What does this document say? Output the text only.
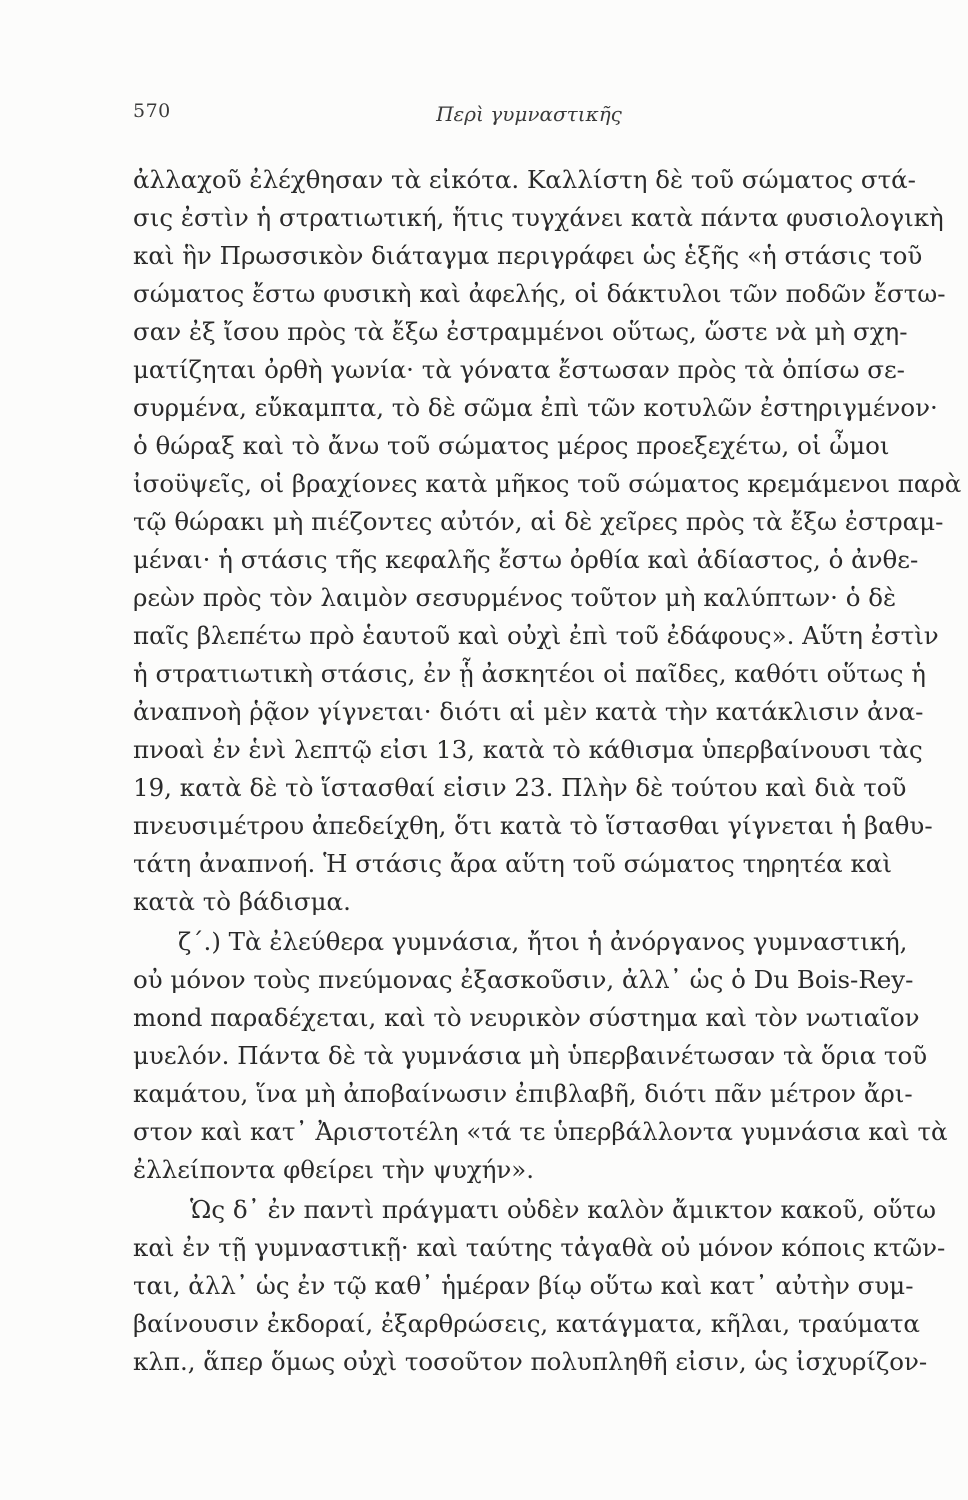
570	Περὶ γυμναστικῆς
ἀλλαχοῦ ἐλέχθησαν τὰ εἰκότα. Καλλίστη δὲ τοῦ σώματος στά-
σις ἐστὶν ἡ στρατιωτική, ἥτις τυγχάνει κατὰ πάντα φυσιολογικὴ
καὶ ἣν Πρωσσικὸν διάταγμα περιγράφει ὡς ἑξῆς «ἡ στάσις τοῦ
σώματος ἔστω φυσικὴ καὶ ἀφελής, οἱ δάκτυλοι τῶν ποδῶν ἔστω-
σαν ἐξ ἴσου πρὸς τὰ ἔξω ἐστραμμένοι οὕτως, ὥστε νὰ μὴ σχη-
ματίζηται ὀρθὴ γωνία· τὰ γόνατα ἔστωσαν πρὸς τὰ ὀπίσω σε-
συρμένα, εὔκαμπτα, τὸ δὲ σῶμα ἐπὶ τῶν κοτυλῶν ἐστηριγμένον·
ὁ θώραξ καὶ τὸ ἄνω τοῦ σώματος μέρος προεξεχέτω, οἱ ὦμοι
ἰσοϋψεῖς, οἱ βραχίονες κατὰ μῆκος τοῦ σώματος κρεμάμενοι παρὰ
τῷ θώρακι μὴ πιέζοντες αὐτόν, αἱ δὲ χεῖρες πρὸς τὰ ἔξω ἐστραμ-
μέναι· ἡ στάσις τῆς κεφαλῆς ἔστω ὀρθία καὶ ἀδίαστος, ὁ ἀνθε-
ρεὼν πρὸς τὸν λαιμὸν σεσυρμένος τοῦτον μὴ καλύπτων· ὁ δὲ
παῖς βλεπέτω πρὸ ἑαυτοῦ καὶ οὐχὶ ἐπὶ τοῦ ἐδάφους». Αὕτη ἐστὶν
ἡ στρατιωτικὴ στάσις, ἐν ᾗ ἀσκητέοι οἱ παῖδες, καθότι οὕτως ἡ
ἀναπνοὴ ῥᾷον γίγνεται· διότι αἱ μὲν κατὰ τὴν κατάκλισιν ἀνα-
πνοαὶ ἐν ἑνὶ λεπτῷ εἰσι 13, κατὰ τὸ κάθισμα ὑπερβαίνουσι τὰς
19, κατὰ δὲ τὸ ἵστασθαί εἰσιν 23. Πλὴν δὲ τούτου καὶ διὰ τοῦ
πνευσιμέτρου ἀπεδείχθη, ὅτι κατὰ τὸ ἵστασθαι γίγνεται ἡ βαθυ-
τάτη ἀναπνοή. Ἡ στάσις ἄρα αὕτη τοῦ σώματος τηρητέα καὶ
κατὰ τὸ βάδισμα.
ζ΄.) Τὰ ἐλεύθερα γυμνάσια, ἤτοι ἡ ἀνόργανος γυμναστική,
οὐ μόνον τοὺς πνεύμονας ἐξασκοῦσιν, ἀλλ᾽ ὡς ὁ Du Bois-Rey-
mond παραδέχεται, καὶ τὸ νευρικὸν σύστημα καὶ τὸν νωτιαῖον
μυελόν. Πάντα δὲ τὰ γυμνάσια μὴ ὑπερβαινέτωσαν τὰ ὅρια τοῦ
καμάτου, ἵνα μὴ ἀποβαίνωσιν ἐπιβλαβῆ, διότι πᾶν μέτρον ἄρι-
στον καὶ κατ᾽ Ἀριστοτέλη «τά τε ὑπερβάλλοντα γυμνάσια καὶ τὰ
ἐλλείποντα φθείρει τὴν ψυχήν».
Ὡς δ᾽ ἐν παντὶ πράγματι οὐδὲν καλὸν ἄμικτον κακοῦ, οὕτω
καὶ ἐν τῇ γυμναστικῇ· καὶ ταύτης τἀγαθὰ οὐ μόνον κόποις κτῶν-
ται, ἀλλ᾽ ὡς ἐν τῷ καθ᾽ ἡμέραν βίῳ οὕτω καὶ κατ᾽ αὐτὴν συμ-
βαίνουσιν ἐκδοραί, ἐξαρθρώσεις, κατάγματα, κῆλαι, τραύματα
κλπ., ἅπερ ὅμως οὐχὶ τοσοῦτον πολυπληθῆ εἰσιν, ὡς ἰσχυρίζον-
